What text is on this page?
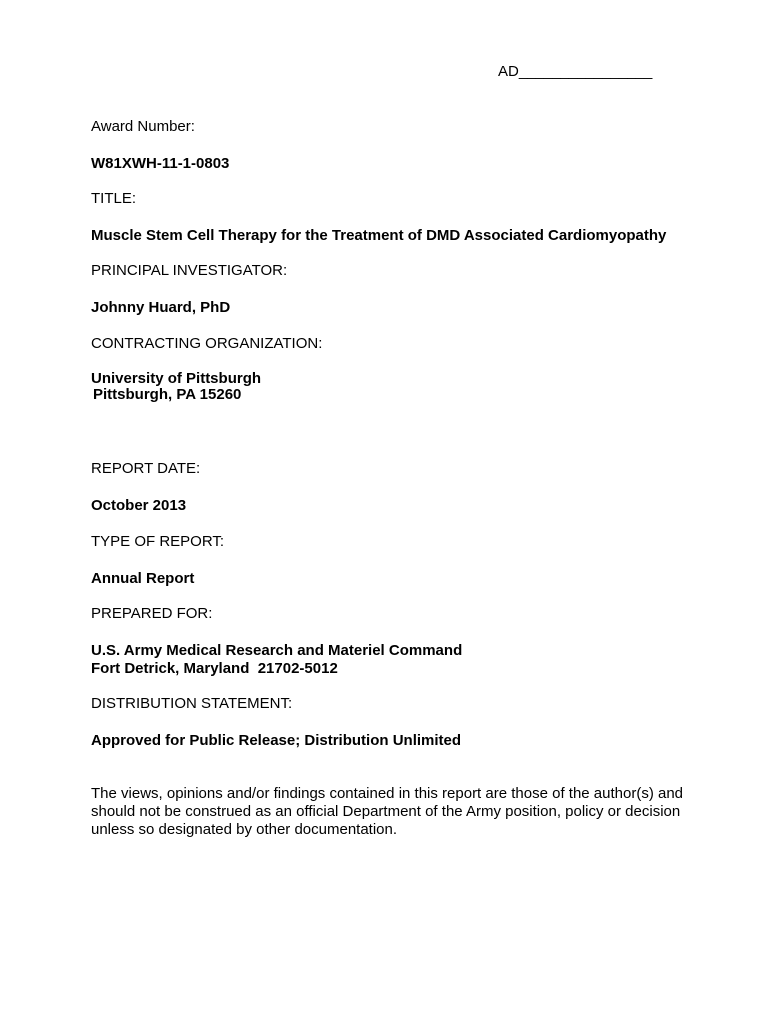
AD________________
Award Number:
W81XWH-11-1-0803
TITLE:
Muscle Stem Cell Therapy for the Treatment of DMD Associated Cardiomyopathy
PRINCIPAL INVESTIGATOR:
Johnny Huard, PhD
CONTRACTING ORGANIZATION:
University of Pittsburgh
Pittsburgh, PA 15260
REPORT DATE:
October 2013
TYPE OF REPORT:
Annual Report
PREPARED FOR:
U.S. Army Medical Research and Materiel Command
Fort Detrick, Maryland  21702-5012
DISTRIBUTION STATEMENT:
Approved for Public Release; Distribution Unlimited
The views, opinions and/or findings contained in this report are those of the author(s) and
should not be construed as an official Department of the Army position, policy or decision
unless so designated by other documentation.
